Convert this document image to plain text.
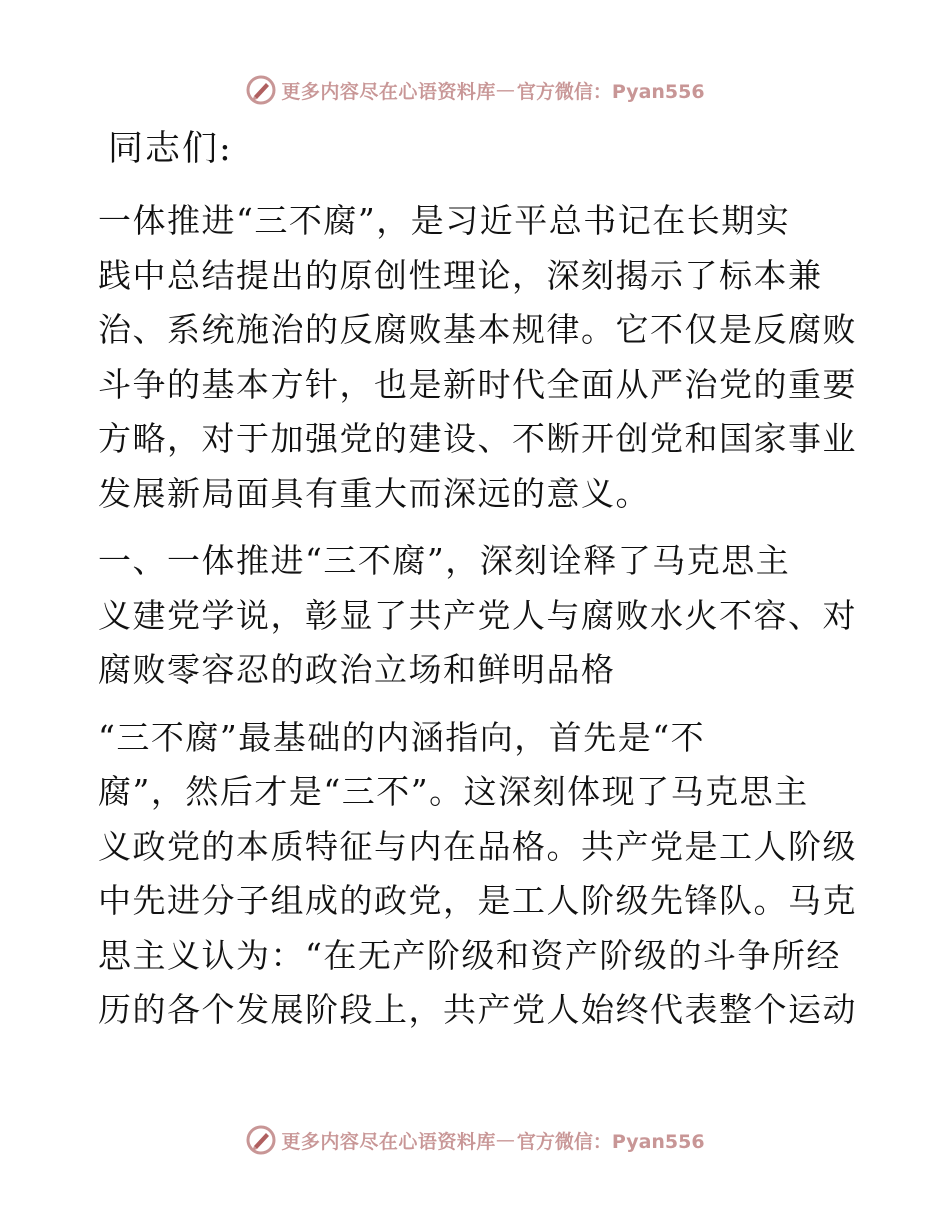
更多内容尽在心语资料库 — 官方微信：Pyan556
同志们:
一体推进“三不腐”，是习近平总书记在长期实
践中总结提出的原创性理论，深刻揭示了标本兼
治、系统施治的反腐败基本规律。它不仅是反腐败
斗争的基本方针，也是新时代全面从严治党的重要
方略，对于加强党的建设、不断开创党和国家事业
发展新局面具有重大而深远的意义。
一、一体推进“三不腐”，深刻诠释了马克思主
义建党学说，彰显了共产党人与腐败水火不容、对
腐败零容忍的政治立场和鲜明品格
“三不腐”最基础的内涵指向，首先是“不
腐”，然后才是“三不”。这深刻体现了马克思主
义政党的本质特征与内在品格。共产党是工人阶级
中先进分子组成的政党，是工人阶级先锋队。马克
思主义认为：“在无产阶级和资产阶级的斗争所经
历的各个发展阶段上，共产党人始终代表整个运动
更多内容尽在心语资料库 — 官方微信：Pyan556
